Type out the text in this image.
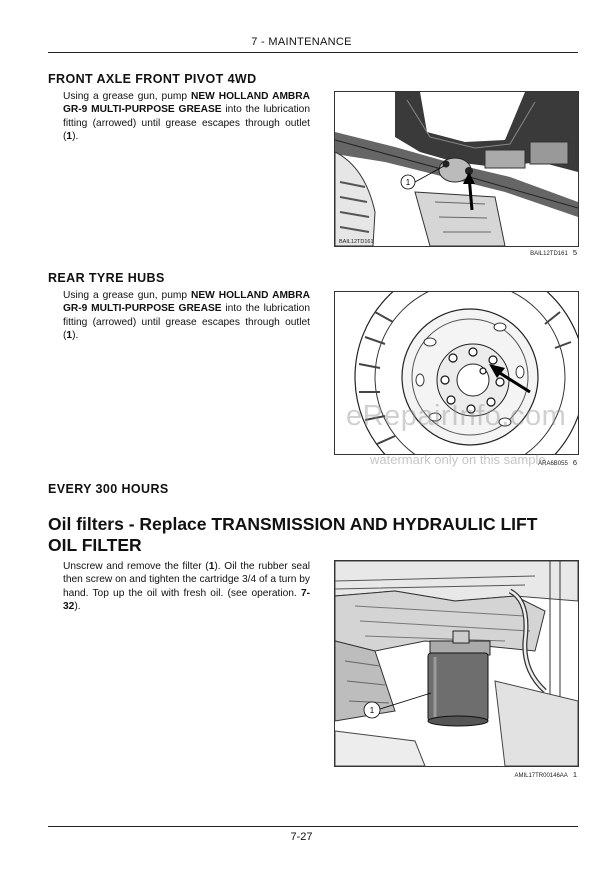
7 - MAINTENANCE
FRONT AXLE FRONT PIVOT 4WD
Using a grease gun, pump NEW HOLLAND AMBRA GR-9 MULTI-PURPOSE GREASE into the lubrication fitting (arrowed) until grease escapes through outlet (1).
1
BAIL12TD161
BAIL12TD161 5
REAR TYRE HUBS
Using a grease gun, pump NEW HOLLAND AMBRA GR-9 MULTI-PURPOSE GREASE into the lubrication fitting (arrowed) until grease escapes through outlet (1).
ARA6B055 6
EVERY 300 HOURS
Oil filters - Replace TRANSMISSION AND HYDRAULIC LIFT OIL FILTER
Unscrew and remove the filter (1). Oil the rubber seal then screw on and tighten the cartridge 3/4 of a turn by hand. Top up the oil with fresh oil. (see operation. 7-32).
1
AMIL17TR00146AA 1
eRepairInfo.com
watermark only on this sample
7-27
